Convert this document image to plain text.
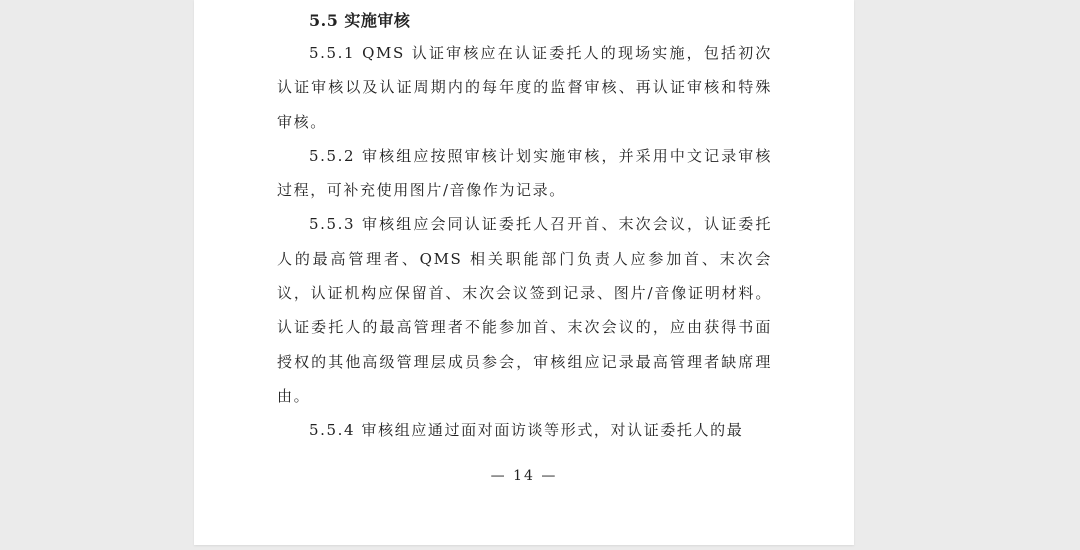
5.5 实施审核

5.5.1 QMS 认证审核应在认证委托人的现场实施，包括初次认证审核以及认证周期内的每年度的监督审核、再认证审核和特殊审核。

5.5.2 审核组应按照审核计划实施审核，并采用中文记录审核过程，可补充使用图片/音像作为记录。

5.5.3 审核组应会同认证委托人召开首、末次会议，认证委托人的最高管理者、QMS 相关职能部门负责人应参加首、末次会议，认证机构应保留首、末次会议签到记录、图片/音像证明材料。认证委托人的最高管理者不能参加首、末次会议的，应由获得书面授权的其他高级管理层成员参会，审核组应记录最高管理者缺席理由。

5.5.4 审核组应通过面对面访谈等形式，对认证委托人的最

— 14 —
